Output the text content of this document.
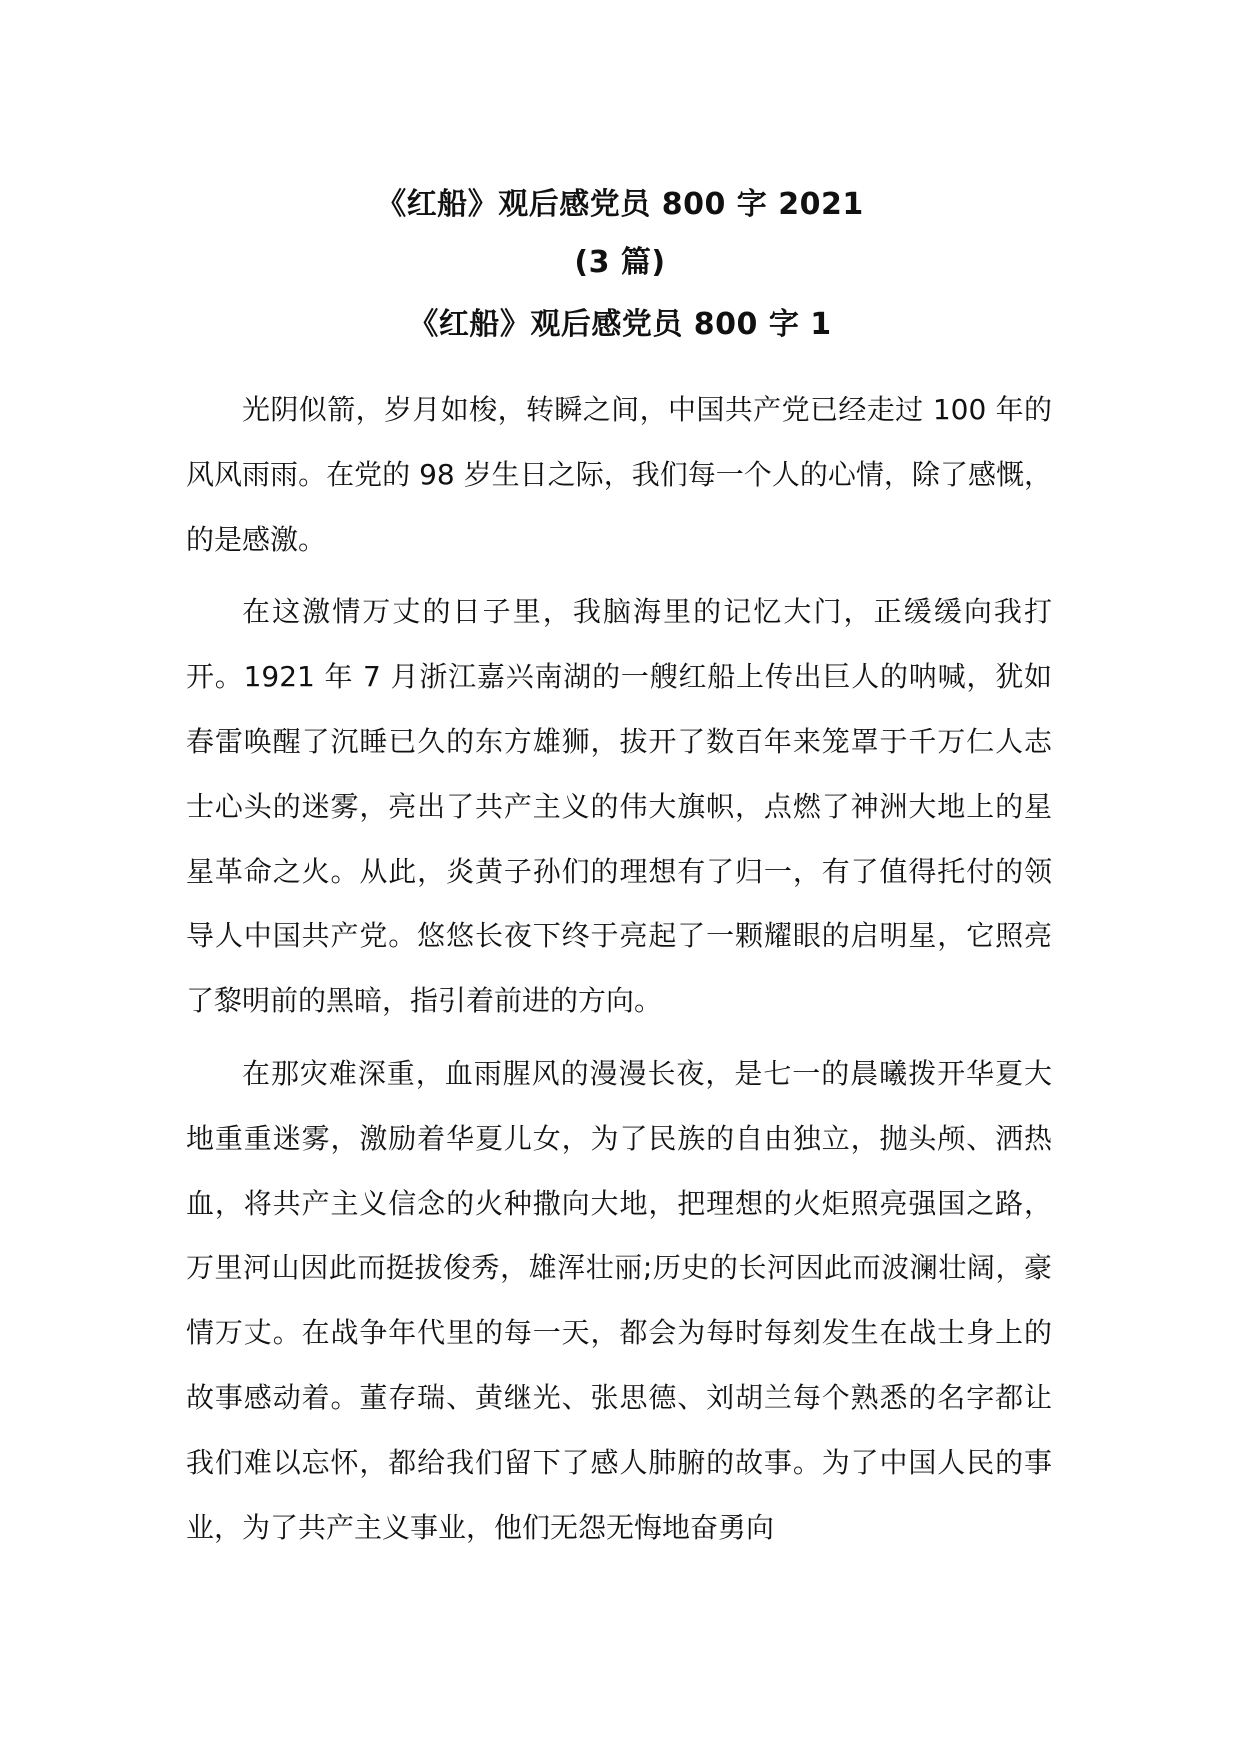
《红船》观后感党员 800 字 2021

(3 篇)

《红船》观后感党员 800 字 1

光阴似箭，岁月如梭，转瞬之间，中国共产党已经走过 100 年的风风雨雨。在党的 98 岁生日之际，我们每一个人的心情，除了感慨，的是感激。

在这激情万丈的日子里，我脑海里的记忆大门，正缓缓向我打开。1921 年 7 月浙江嘉兴南湖的一艘红船上传出巨人的呐喊，犹如春雷唤醒了沉睡已久的东方雄狮，拔开了数百年来笼罩于千万仁人志士心头的迷雾，亮出了共产主义的伟大旗帜，点燃了神洲大地上的星星革命之火。从此，炎黄子孙们的理想有了归一，有了值得托付的领导人中国共产党。悠悠长夜下终于亮起了一颗耀眼的启明星，它照亮了黎明前的黑暗，指引着前进的方向。

在那灾难深重，血雨腥风的漫漫长夜，是七一的晨曦拨开华夏大地重重迷雾，激励着华夏儿女，为了民族的自由独立，抛头颅、洒热血，将共产主义信念的火种撒向大地，把理想的火炬照亮强国之路，万里河山因此而挺拔俊秀，雄浑壮丽;历史的长河因此而波澜壮阔，豪情万丈。在战争年代里的每一天，都会为每时每刻发生在战士身上的故事感动着。董存瑞、黄继光、张思德、刘胡兰每个熟悉的名字都让我们难以忘怀，都给我们留下了感人肺腑的故事。为了中国人民的事业，为了共产主义事业，他们无怨无悔地奋勇向
